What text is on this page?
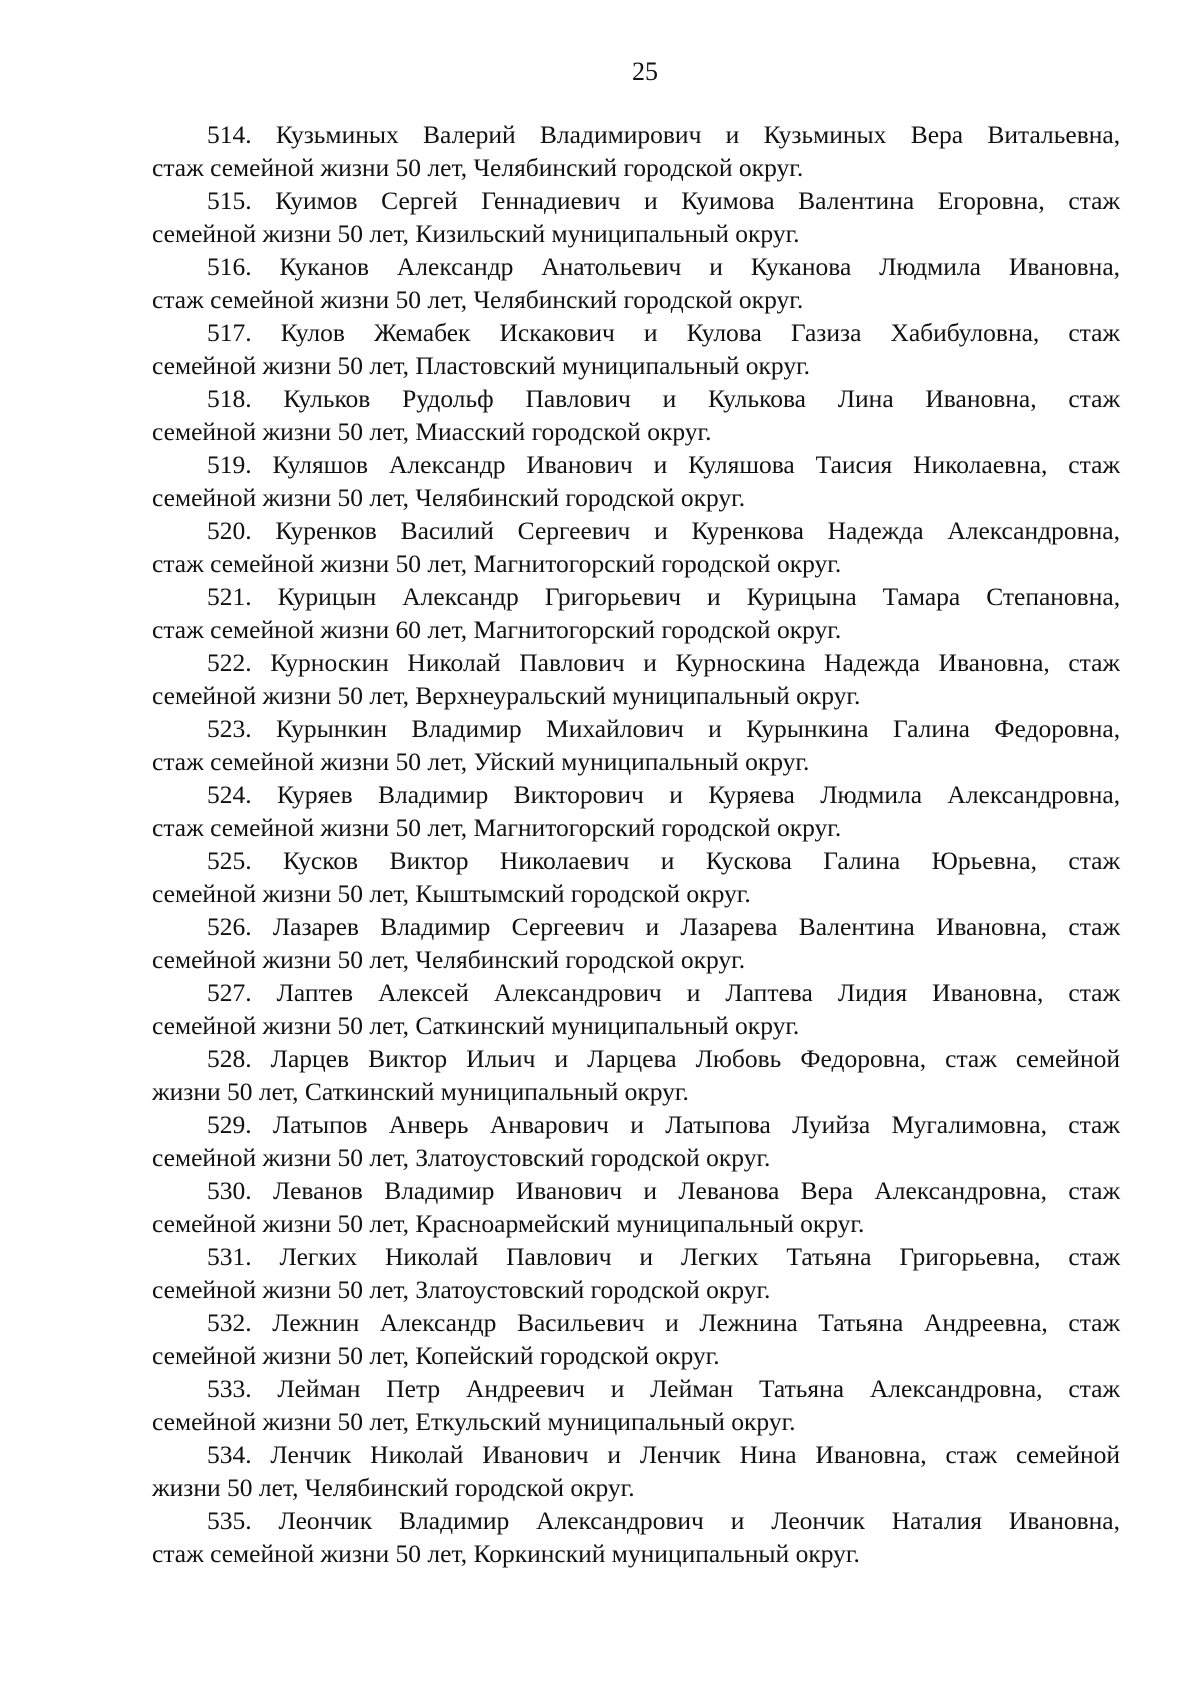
25
514. Кузьминых Валерий Владимирович и Кузьминых Вера Витальевна,
стаж семейной жизни 50 лет, Челябинский городской округ.
515. Куимов Сергей Геннадиевич и Куимова Валентина Егоровна, стаж
семейной жизни 50 лет, Кизильский муниципальный округ.
516. Куканов Александр Анатольевич и Куканова Людмила Ивановна,
стаж семейной жизни 50 лет, Челябинский городской округ.
517. Кулов Жемабек Искакович и Кулова Газиза Хабибуловна, стаж
семейной жизни 50 лет, Пластовский муниципальный округ.
518. Кульков Рудольф Павлович и Кулькова Лина Ивановна, стаж
семейной жизни 50 лет, Миасский городской округ.
519. Куляшов Александр Иванович и Куляшова Таисия Николаевна, стаж
семейной жизни 50 лет, Челябинский городской округ.
520. Куренков Василий Сергеевич и Куренкова Надежда Александровна,
стаж семейной жизни 50 лет, Магнитогорский городской округ.
521. Курицын Александр Григорьевич и Курицына Тамара Степановна,
стаж семейной жизни 60 лет, Магнитогорский городской округ.
522. Курноскин Николай Павлович и Курноскина Надежда Ивановна, стаж
семейной жизни 50 лет, Верхнеуральский муниципальный округ.
523. Курынкин Владимир Михайлович и Курынкина Галина Федоровна,
стаж семейной жизни 50 лет, Уйский муниципальный округ.
524. Куряев Владимир Викторович и Куряева Людмила Александровна,
стаж семейной жизни 50 лет, Магнитогорский городской округ.
525. Кусков Виктор Николаевич и Кускова Галина Юрьевна, стаж
семейной жизни 50 лет, Кыштымский городской округ.
526. Лазарев Владимир Сергеевич и Лазарева Валентина Ивановна, стаж
семейной жизни 50 лет, Челябинский городской округ.
527. Лаптев Алексей Александрович и Лаптева Лидия Ивановна, стаж
семейной жизни 50 лет, Саткинский муниципальный округ.
528. Ларцев Виктор Ильич и Ларцева Любовь Федоровна, стаж семейной
жизни 50 лет, Саткинский муниципальный округ.
529. Латыпов Анверь Анварович и Латыпова Луийза Мугалимовна, стаж
семейной жизни 50 лет, Златоустовский городской округ.
530. Леванов Владимир Иванович и Леванова Вера Александровна, стаж
семейной жизни 50 лет, Красноармейский муниципальный округ.
531. Легких Николай Павлович и Легких Татьяна Григорьевна, стаж
семейной жизни 50 лет, Златоустовский городской округ.
532. Лежнин Александр Васильевич и Лежнина Татьяна Андреевна, стаж
семейной жизни 50 лет, Копейский городской округ.
533. Лейман Петр Андреевич и Лейман Татьяна Александровна, стаж
семейной жизни 50 лет, Еткульский муниципальный округ.
534. Ленчик Николай Иванович и Ленчик Нина Ивановна, стаж семейной
жизни 50 лет, Челябинский городской округ.
535. Леончик Владимир Александрович и Леончик Наталия Ивановна,
стаж семейной жизни 50 лет, Коркинский муниципальный округ.
